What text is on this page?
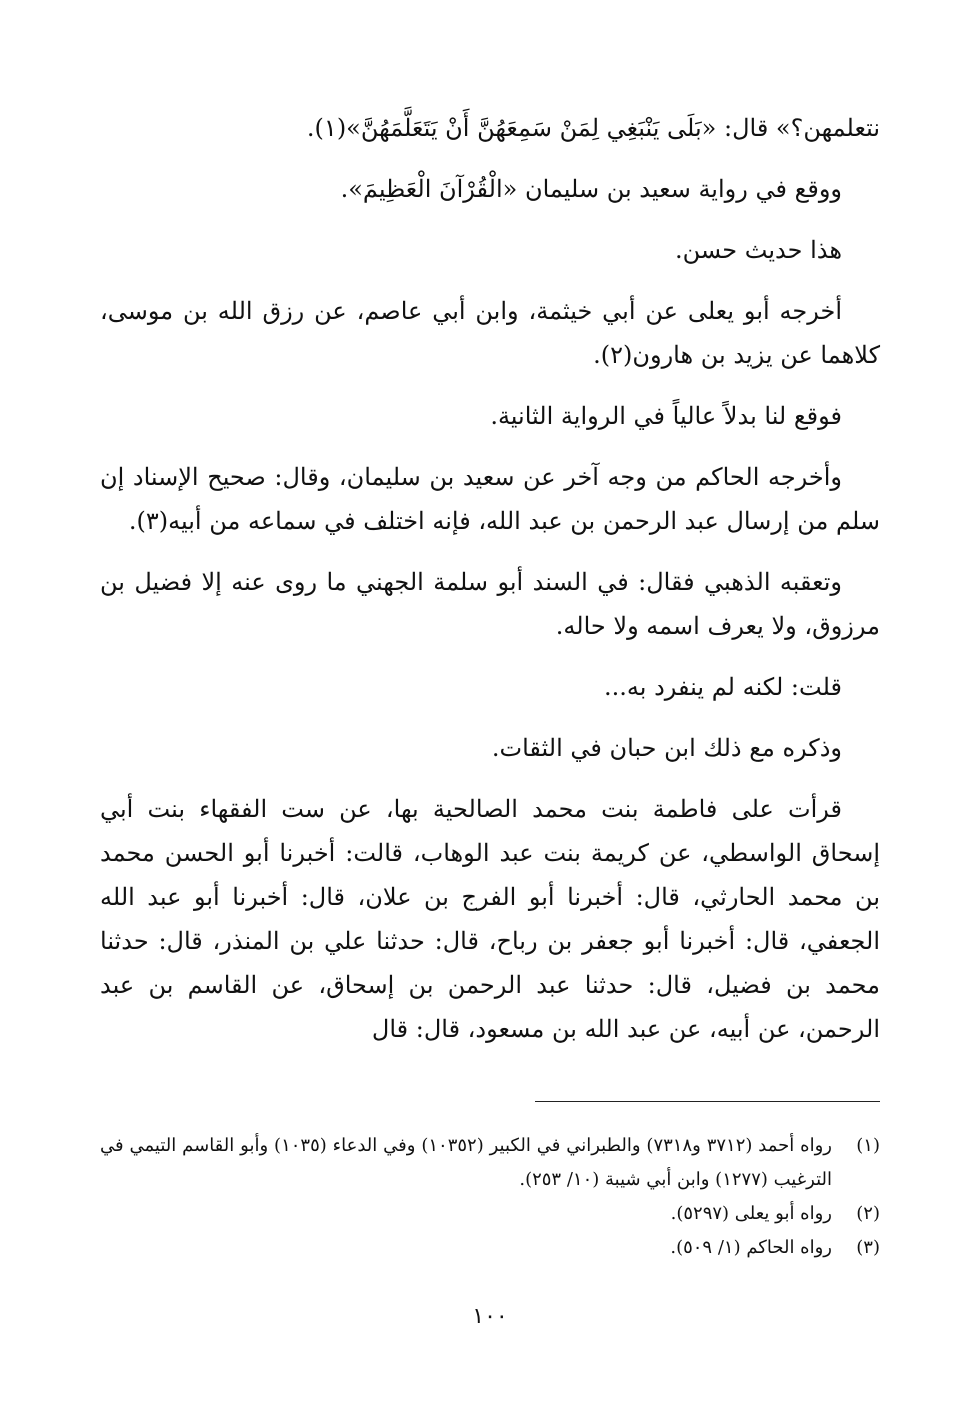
نتعلمهن؟» قال: «بَلَى يَنْبَغِي لِمَنْ سَمِعَهُنَّ أَنْ يَتَعَلَّمَهُنَّ»(١).

ووقع في رواية سعيد بن سليمان «الْقُرْآنَ الْعَظِيمَ».

هذا حديث حسن.

أخرجه أبو يعلى عن أبي خيثمة، وابن أبي عاصم، عن رزق الله بن موسى، كلاهما عن يزيد بن هارون(٢).

فوقع لنا بدلاً عالياً في الرواية الثانية.

وأخرجه الحاكم من وجه آخر عن سعيد بن سليمان، وقال: صحيح الإسناد إن سلم من إرسال عبد الرحمن بن عبد الله، فإنه اختلف في سماعه من أبيه(٣).

وتعقبه الذهبي فقال: في السند أبو سلمة الجهني ما روى عنه إلا فضيل بن مرزوق، ولا يعرف اسمه ولا حاله.

قلت: لكنه لم ينفرد به...

وذكره مع ذلك ابن حبان في الثقات.

قرأت على فاطمة بنت محمد الصالحية بها، عن ست الفقهاء بنت أبي إسحاق الواسطي، عن كريمة بنت عبد الوهاب، قالت: أخبرنا أبو الحسن محمد بن محمد الحارثي، قال: أخبرنا أبو الفرج بن علان، قال: أخبرنا أبو عبد الله الجعفي، قال: أخبرنا أبو جعفر بن رباح، قال: حدثنا علي بن المنذر، قال: حدثنا محمد بن فضيل، قال: حدثنا عبد الرحمن بن إسحاق، عن القاسم بن عبد الرحمن، عن أبيه، عن عبد الله بن مسعود، قال: قال

(١)
رواه أحمد (٣٧١٢ و٧٣١٨) والطبراني في الكبير (١٠٣٥٢) وفي الدعاء (١٠٣٥) وأبو القاسم التيمي في الترغيب (١٢٧٧) وابن أبي شيبة (١٠/ ٢٥٣).
(٢)
رواه أبو يعلى (٥٢٩٧).
(٣)
رواه الحاكم (١/ ٥٠٩).
١٠٠
